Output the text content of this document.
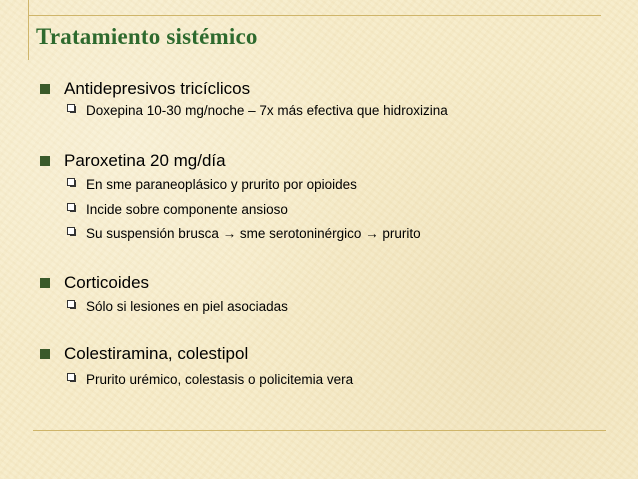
Tratamiento sistémico
Antidepresivos tricíclicos
Doxepina 10-30 mg/noche – 7x más efectiva que hidroxizina
Paroxetina 20 mg/día
En sme paraneoplásico y prurito por opioides
Incide sobre componente ansioso
Su suspensión brusca → sme serotoninérgico → prurito
Corticoides
Sólo si lesiones en piel asociadas
Colestiramina, colestipol
Prurito urémico, colestasis o policitemia vera
